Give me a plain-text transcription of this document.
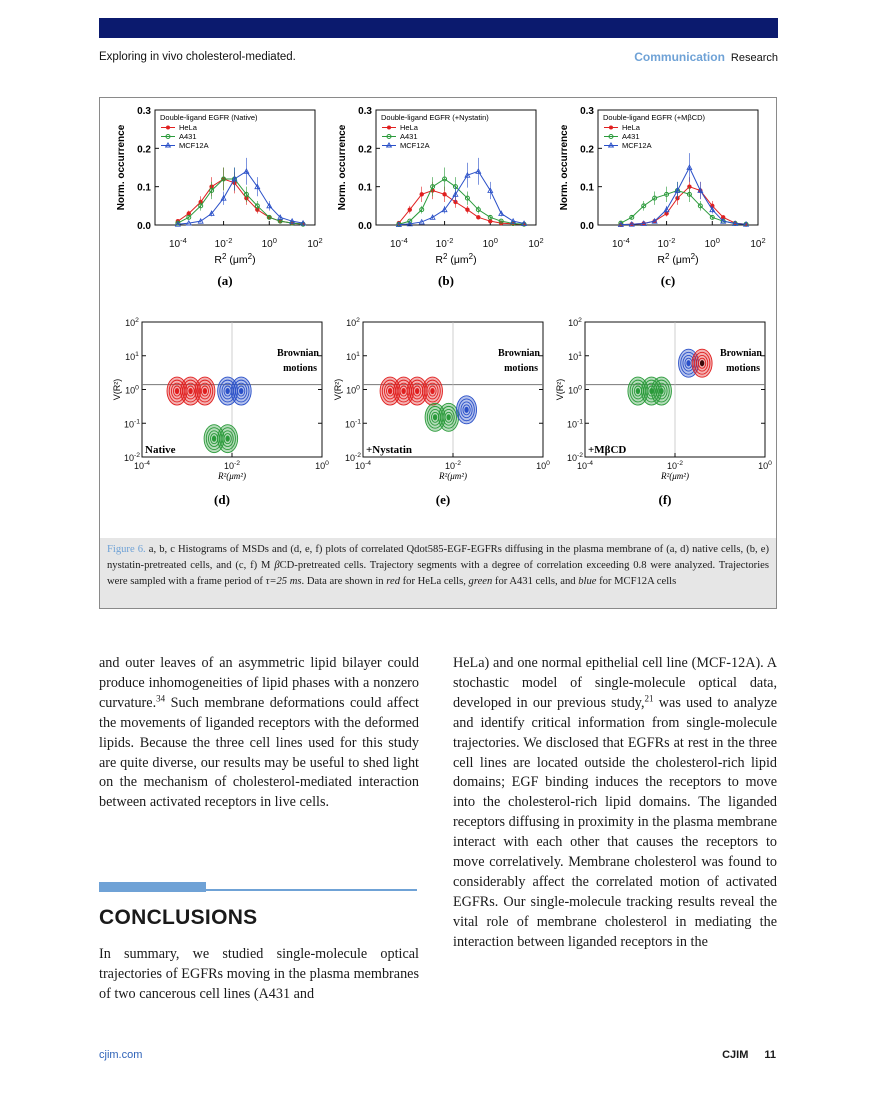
Exploring in vivo cholesterol-mediated.	Communication Research
0.3
0.2
0.1
0.0
$10^{-4}$	$10^{-2}$	$10^0$	$10^2$
Norm. occurrence
$R^2$ $(\mu m^2)$
Double-ligand EGFR (Native)
HeLa
A431
MCF12A
(a)
0.3
0.2
0.1
0.0
$10^{-4}$	$10^{-2}$	$10^0$	$10^2$
Norm. occurrence
$R^2$ $(\mu m^2)$
Double-ligand EGFR (+Nystatin)
HeLa
A431
MCF12A
(b)
0.3
0.2
0.1
0.0
$10^{-4}$	$10^{-2}$	$10^0$	$10^2$
Norm. occurrence
$R^2$ $(\mu m^2)$
Double-ligand EGFR (+MβCD)
HeLa
A431
MCF12A
(c)
$10^2$
$10^1$
$10^0$
$10^{-1}$
$10^{-2}$
$10^{-4}$	$10^{-2}$	$10^0$
V(R²)
R²(μm²)
Brownian
motions
Native
(d)
$10^2$
$10^1$
$10^0$
$10^{-1}$
$10^{-2}$
$10^{-4}$	$10^{-2}$	$10^0$
V(R²)
R²(μm²)
Brownian
motions
+Nystatin
(e)
$10^2$
$10^1$
$10^0$
$10^{-1}$
$10^{-2}$
$10^{-4}$	$10^{-2}$	$10^0$
V(R²)
R²(μm²)
Brownian
motions
+MβCD
(f)
Figure 6. a, b, c Histograms of MSDs and (d, e, f) plots of correlated Qdot585-EGF-EGFRs diffusing in the plasma membrane of (a, d) native cells, (b, e) nystatin-pretreated cells, and (c, f) M βCD-pretreated cells. Trajectory segments with a degree of correlation exceeding 0.8 were analyzed. Trajectories were sampled with a frame period of τ=25 ms. Data are shown in red for HeLa cells, green for A431 cells, and blue for MCF12A cells
and outer leaves of an asymmetric lipid bilayer could produce inhomogeneities of lipid phases with a nonzero curvature.$^{34}$ Such membrane deformations could affect the movements of liganded receptors with the deformed lipids. Because the three cell lines used for this study are quite diverse, our results may be useful to shed light on the mechanism of cholesterol-mediated interaction between activated receptors in live cells.
CONCLUSIONS
In summary, we studied single-molecule optical trajectories of EGFRs moving in the plasma membranes of two cancerous cell lines (A431 and
HeLa) and one normal epithelial cell line (MCF-12A). A stochastic model of single-molecule optical data, developed in our previous study,$^{21}$ was used to analyze and identify critical information from single-molecule trajectories. We disclosed that EGFRs at rest in the three cell lines are located outside the cholesterol-rich lipid domains; EGF binding induces the receptors to move into the cholesterol-rich lipid domains. The liganded receptors diffusing in proximity in the plasma membrane interact with each other that causes the receptors to move correlatively. Membrane cholesterol was found to considerably affect the correlated motion of activated EGFRs. Our single-molecule tracking results reveal the vital role of membrane cholesterol in mediating the interaction between liganded receptors in the
cjim.com	CJIM 11
